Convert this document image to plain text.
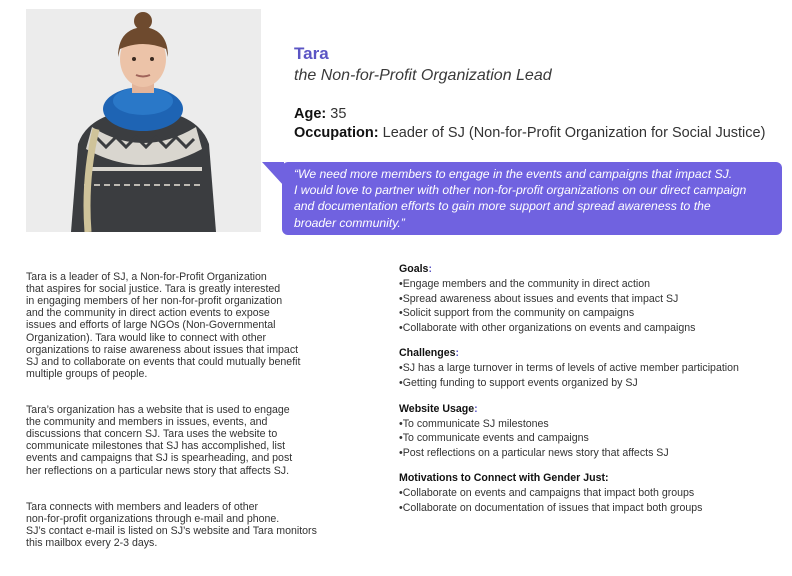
Tara
the Non-for-Profit Organization Lead
Age: 35
Occupation: Leader of SJ (Non-for-Profit Organization for Social Justice)
“We need more members to engage in the events and campaigns that impact SJ.
I would love to partner with other non-for-profit organizations on our direct campaign
and documentation efforts to gain more support and spread awareness to the
broader community.”

Tara is a leader of SJ, a Non-for-Profit Organization
that aspires for social justice. Tara is greatly interested
in engaging members of her non-for-profit organization
and the community in direct action events to expose
issues and efforts of large NGOs (Non-Governmental
Organization). Tara would like to connect with other
organizations to raise awareness about issues that impact
SJ and to collaborate on events that could mutually benefit
multiple groups of people.

Tara’s organization has a website that is used to engage
the community and members in issues, events, and
discussions that concern SJ. Tara uses the website to
communicate milestones that SJ has accomplished, list
events and campaigns that SJ is spearheading, and post
her reflections on a particular news story that affects SJ.

Tara connects with members and leaders of other
non-for-profit organizations through e-mail and phone.
SJ’s contact e-mail is listed on SJ’s website and Tara monitors
this mailbox every 2-3 days.

Goals:
• Engage members and the community in direct action
• Spread awareness about issues and events that impact SJ
• Solicit support from the community on campaigns
• Collaborate with other organizations on events and campaigns
Challenges:
• SJ has a large turnover in terms of levels of active member participation
• Getting funding to support events organized by SJ
Website Usage:
• To communicate SJ milestones
• To communicate events and campaigns
• Post reflections on a particular news story that affects SJ
Motivations to Connect with Gender Just:
• Collaborate on events and campaigns that impact both groups
• Collaborate on documentation of issues that impact both groups
